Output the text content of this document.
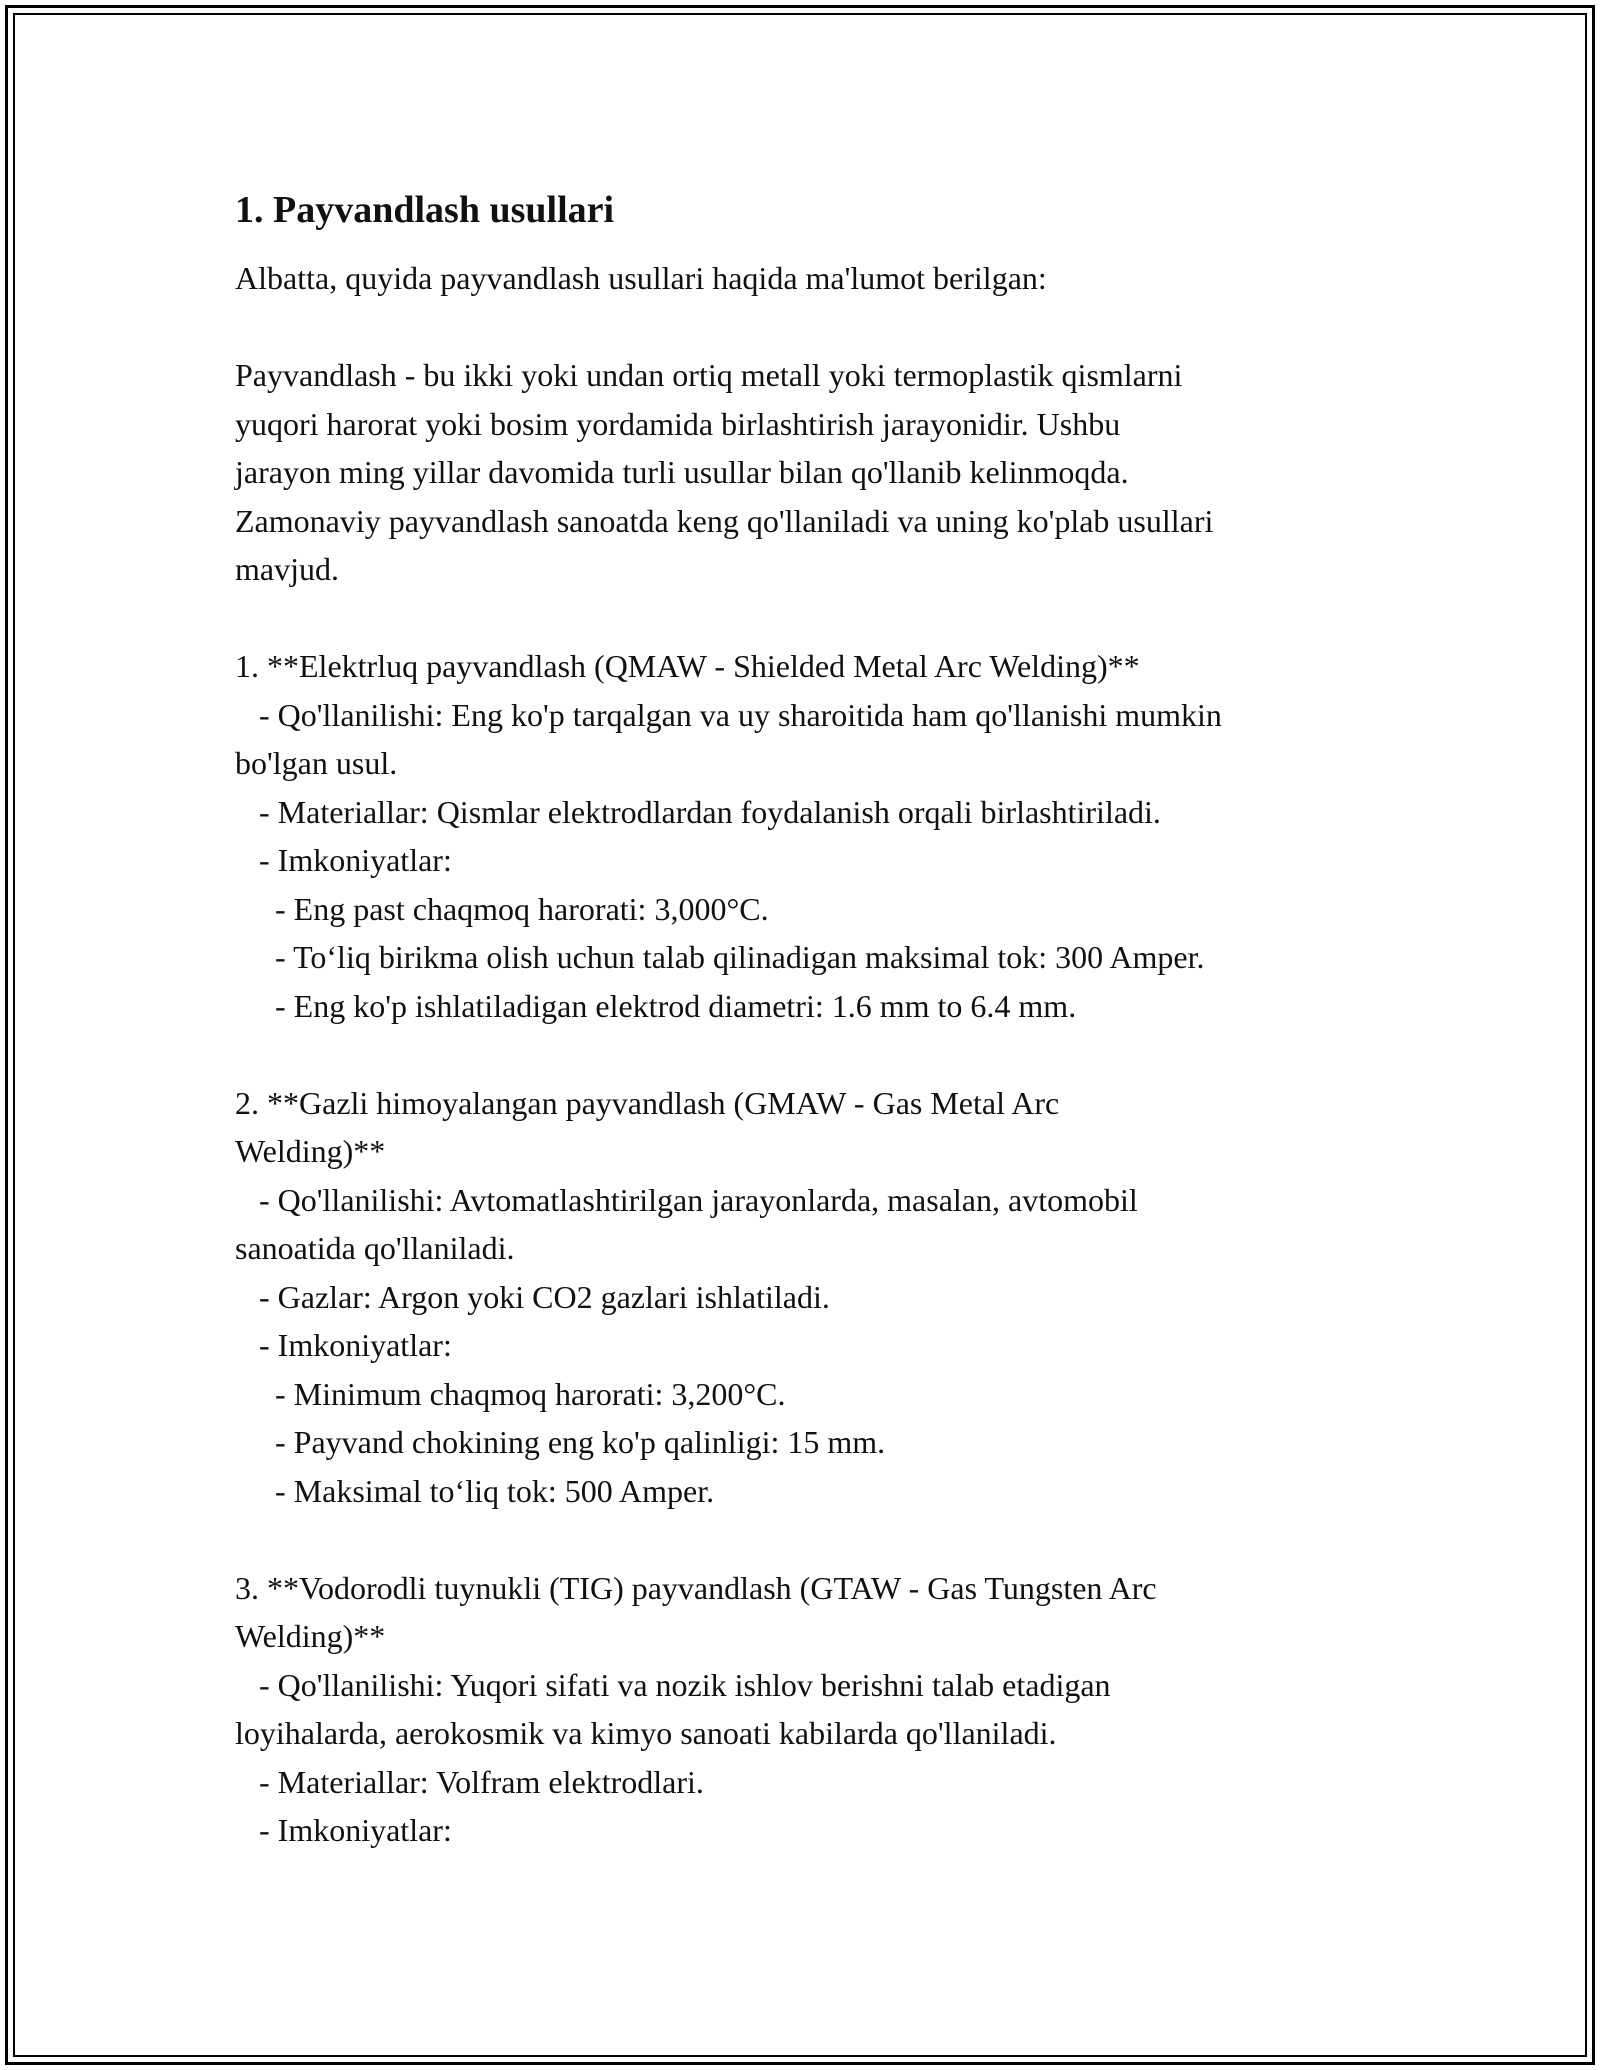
1. Payvandlash usullari

Albatta, quyida payvandlash usullari haqida ma'lumot berilgan:

Payvandlash - bu ikki yoki undan ortiq metall yoki termoplastik qismlarni

yuqori harorat yoki bosim yordamida birlashtirish jarayonidir. Ushbu

jarayon ming yillar davomida turli usullar bilan qo'llanib kelinmoqda.

Zamonaviy payvandlash sanoatda keng qo'llaniladi va uning ko'plab usullari

mavjud.

1. **Elektrluq payvandlash (QMAW - Shielded Metal Arc Welding)**

- Qo'llanilishi: Eng ko'p tarqalgan va uy sharoitida ham qo'llanishi mumkin

bo'lgan usul.

- Materiallar: Qismlar elektrodlardan foydalanish orqali birlashtiriladi.

- Imkoniyatlar:

- Eng past chaqmoq harorati: 3,000°C.

- To‘liq birikma olish uchun talab qilinadigan maksimal tok: 300 Amper.

- Eng ko'p ishlatiladigan elektrod diametri: 1.6 mm to 6.4 mm.

2. **Gazli himoyalangan payvandlash (GMAW - Gas Metal Arc

Welding)**

- Qo'llanilishi: Avtomatlashtirilgan jarayonlarda, masalan, avtomobil

sanoatida qo'llaniladi.

- Gazlar: Argon yoki CO2 gazlari ishlatiladi.

- Imkoniyatlar:

- Minimum chaqmoq harorati: 3,200°C.

- Payvand chokining eng ko'p qalinligi: 15 mm.

- Maksimal to‘liq tok: 500 Amper.

3. **Vodorodli tuynukli (TIG) payvandlash (GTAW - Gas Tungsten Arc

Welding)**

- Qo'llanilishi: Yuqori sifati va nozik ishlov berishni talab etadigan

loyihalarda, aerokosmik va kimyo sanoati kabilarda qo'llaniladi.

- Materiallar: Volfram elektrodlari.

- Imkoniyatlar:
